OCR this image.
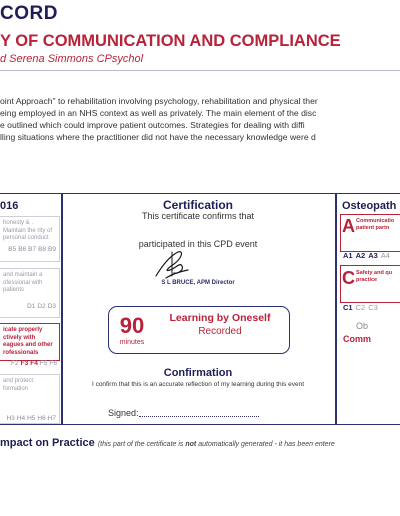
CORD
Y OF COMMUNICATION AND COMPLIANCE
d Serena Simmons CPsychol
oint Approach" to rehabilitation involving psychology, rehabilitation and physical ther
eing employed in an NHS context as well as privately. The main element of the disc
e outlined which could improve patient outcomes. Strategies for dealing with diffi
lling situations where the practitioner did not have the necessary knowledge were d
016
honesty & . Maintain the rity of personal conduct
B5 B6 B7 B8 B9
and maintain a ofessional with patients
D1 D2 D3
icate properly ctively with eagues and other rofessionals
F2 F3 F4 F5 F6
and protect formation
H3 H4 H5 H6 H7
Certification
This certificate confirms that
participated in this CPD event
S L BRUCE, APM Director
90
minutes
Learning by Oneself
Recorded
Confirmation
I confirm that this is an accurate reflection of my learning during this event
Signed:
Osteopath
A Communicatio patient partn
A1 A2 A3 A4
C Safety and qu practice
C1 C2 C3
Ob
Comm
mpact on Practice (this part of the certificate is not automatically generated - it has been entere
